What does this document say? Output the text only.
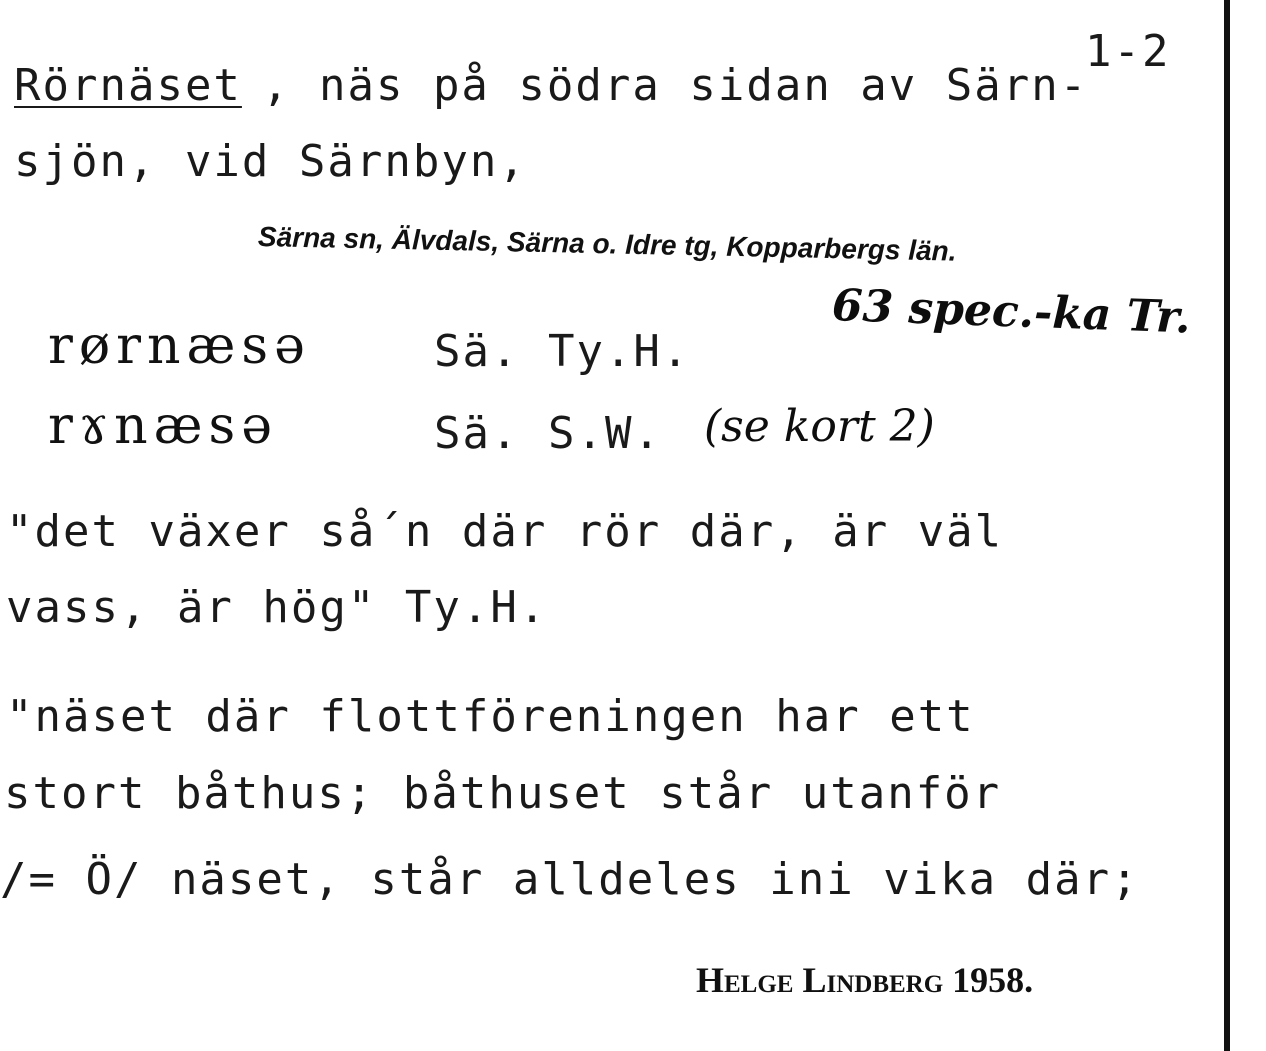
1-2
Rörnäset , näs på södra sidan av Särn-
sjön, vid Särnbyn,
Särna sn, Älvdals, Särna o. Idre tg, Kopparbergs län.
63 spec.-ka Tr.
rørnæsə	Sä. Ty.H.
rɤnæsə	Sä. S.W. (se kort 2)
"det växer så´n där rör där, är väl
vass, är hög" Ty.H.
"näset där flottföreningen har ett
stort båthus; båthuset står utanför
/= Ö/ näset, står alldeles ini vika där;
Helge Lindberg 1958.
